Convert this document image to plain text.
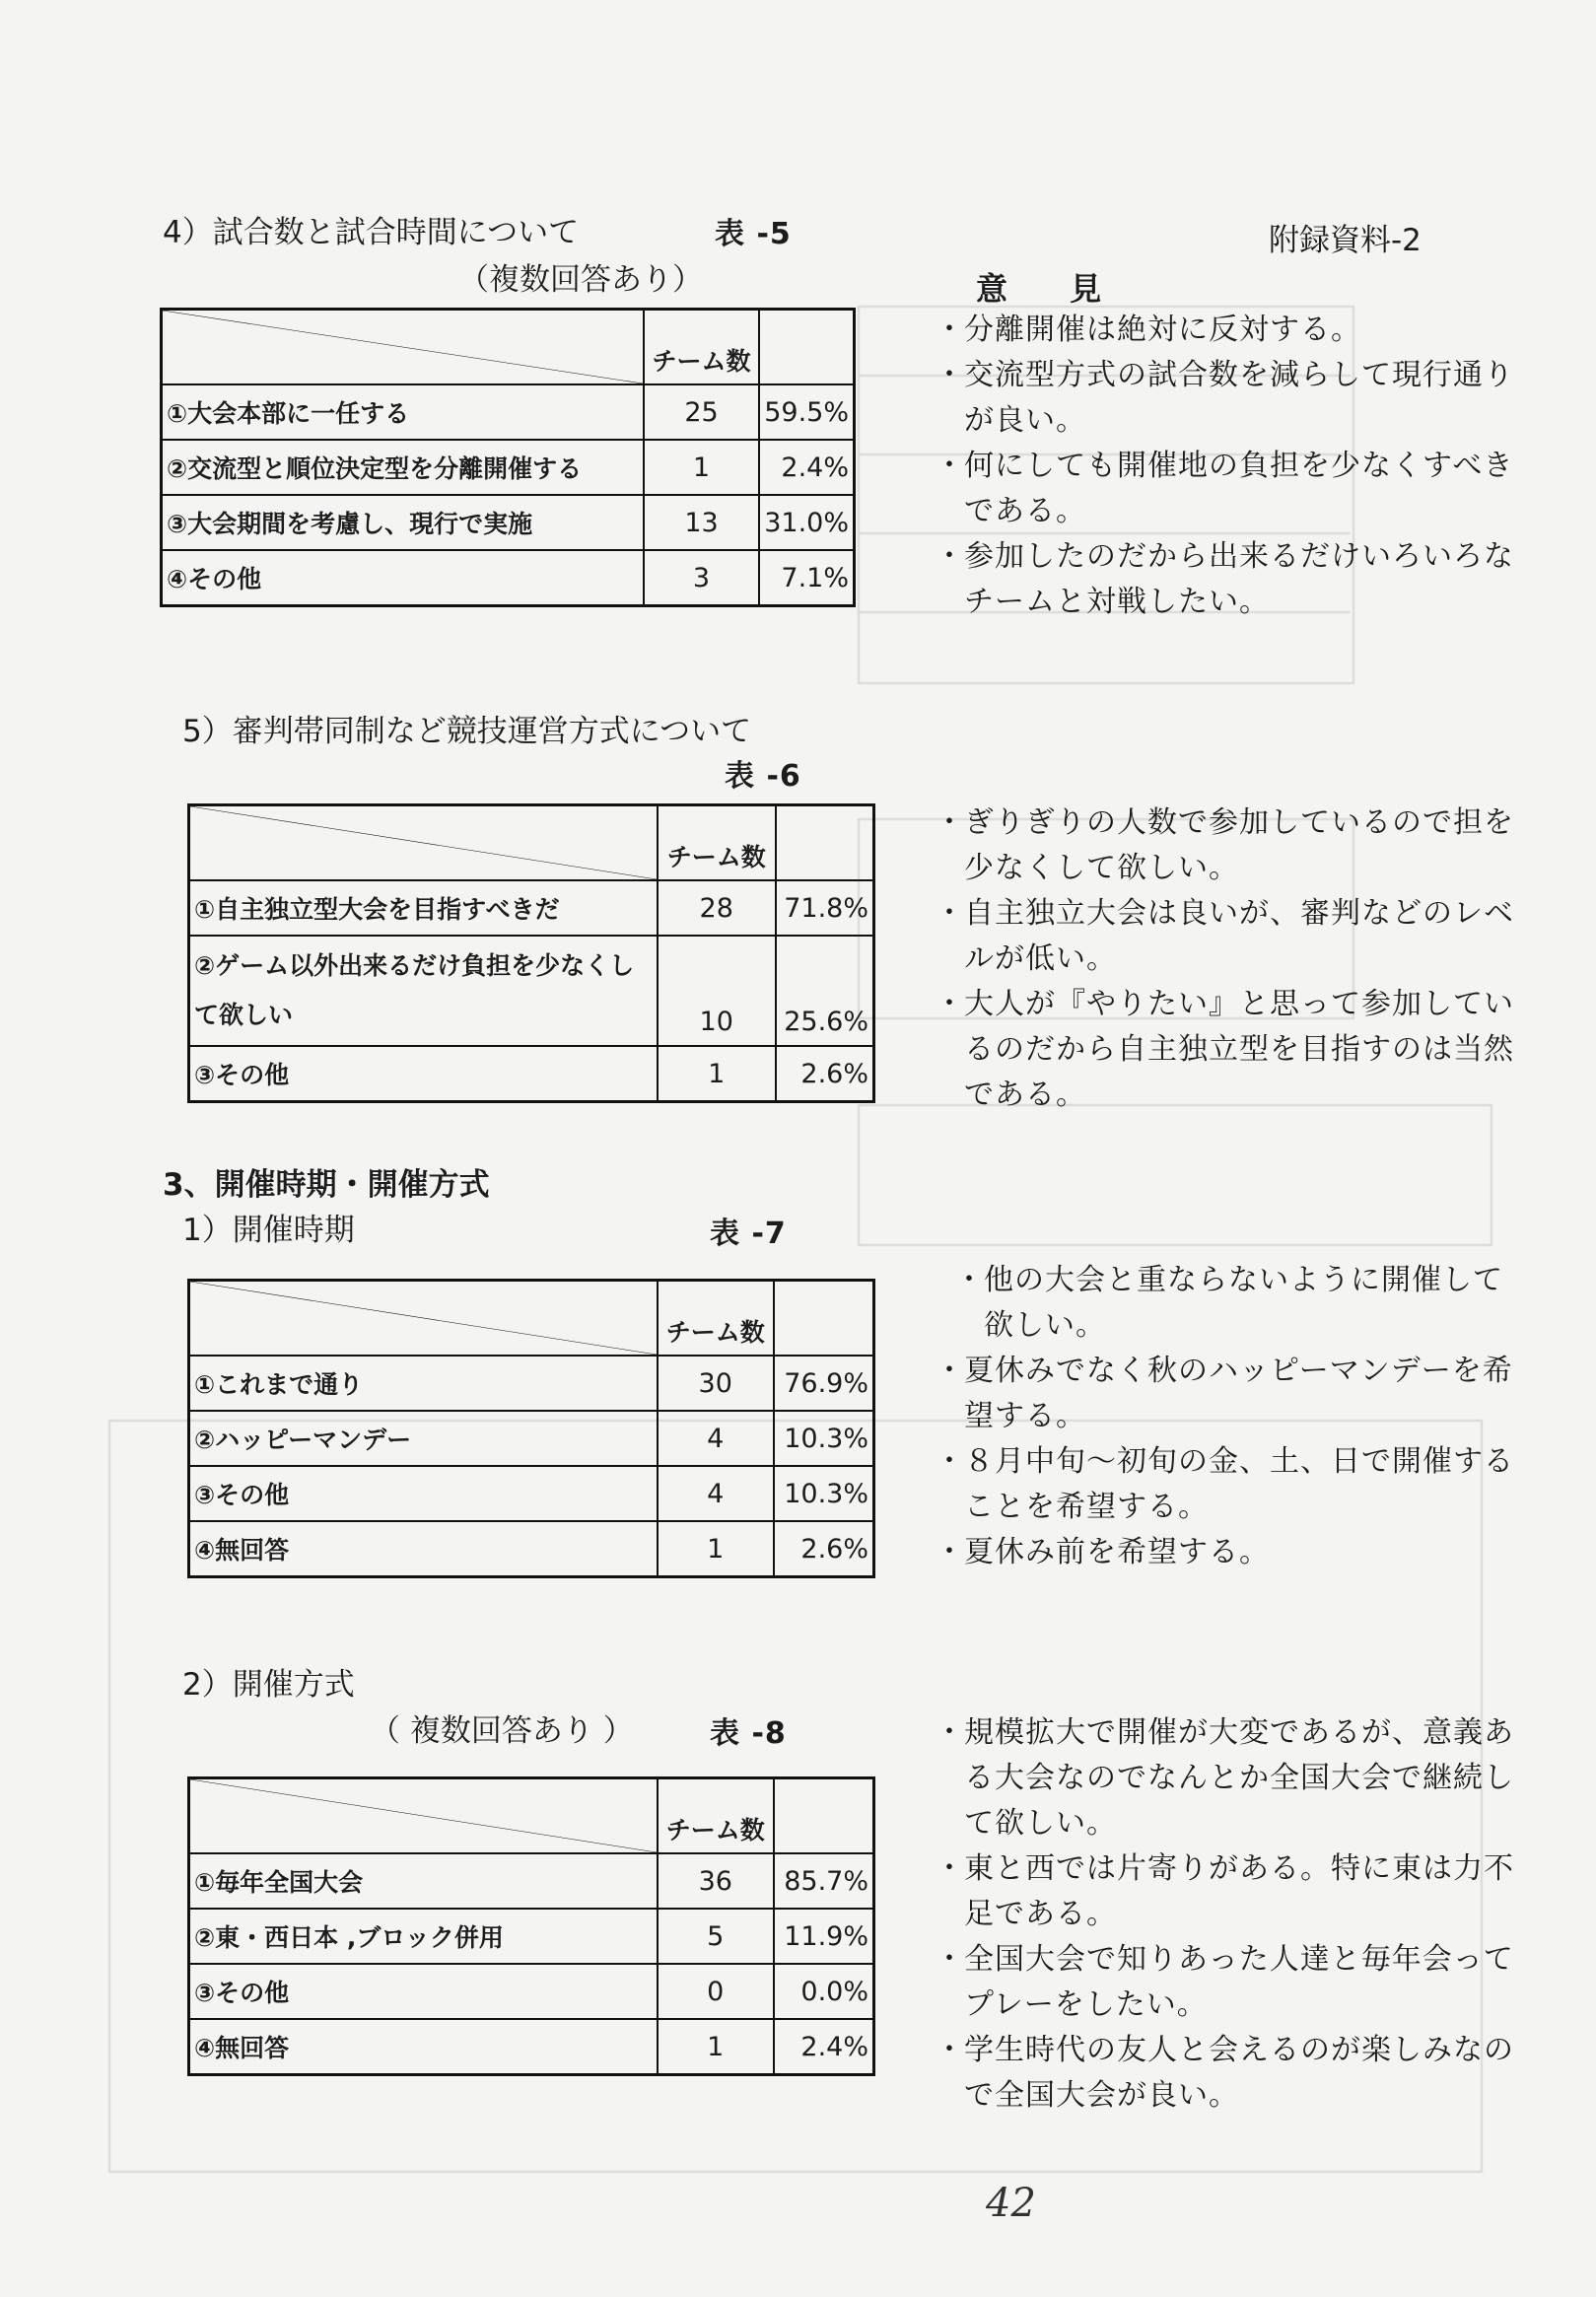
4）試合数と試合時間について	表 -5	附録資料-2
（複数回答あり）	意 見
	チーム数	
①大会本部に一任する	25	59.5%
②交流型と順位決定型を分離開催する	1	2.4%
③大会期間を考慮し、現行で実施	13	31.0%
④その他	3	7.1%
・ 分離開催は絶対に反対する。
・ 交流型方式の試合数を減らして現行通りが良い。
・ 何にしても開催地の負担を少なくすべきである。
・ 参加したのだから出来るだけいろいろなチームと対戦したい。
5）審判帯同制など競技運営方式について
表 -6
	チーム数	
①自主独立型大会を目指すべきだ	28	71.8%
②ゲーム以外出来るだけ負担を少なくして欲しい	10	25.6%
③その他	1	2.6%
・ ぎりぎりの人数で参加しているので担を少なくして欲しい。
・ 自主独立大会は良いが、審判などのレベルが低い。
・ 大人が『やりたい』と思って参加しているのだから自主独立型を目指すのは当然である。
3、開催時期・開催方式
1）開催時期	表 -7
	チーム数	
①これまで通り	30	76.9%
②ハッピーマンデー	4	10.3%
③その他	4	10.3%
④無回答	1	2.6%
・ 他の大会と重ならないように開催して欲しい。
・ 夏休みでなく秋のハッピーマンデーを希望する。
・ ８月中旬～初旬の金、土、日で開催することを希望する。
・ 夏休み前を希望する。
2）開催方式
（ 複数回答あり ）	表 -8
	チーム数	
①毎年全国大会	36	85.7%
②東・西日本 ,ブロック併用	5	11.9%
③その他	0	0.0%
④無回答	1	2.4%
・ 規模拡大で開催が大変であるが、意義ある大会なのでなんとか全国大会で継続して欲しい。
・ 東と西では片寄りがある。特に東は力不足である。
・ 全国大会で知りあった人達と毎年会ってプレーをしたい。
・ 学生時代の友人と会えるのが楽しみなので全国大会が良い。
42
